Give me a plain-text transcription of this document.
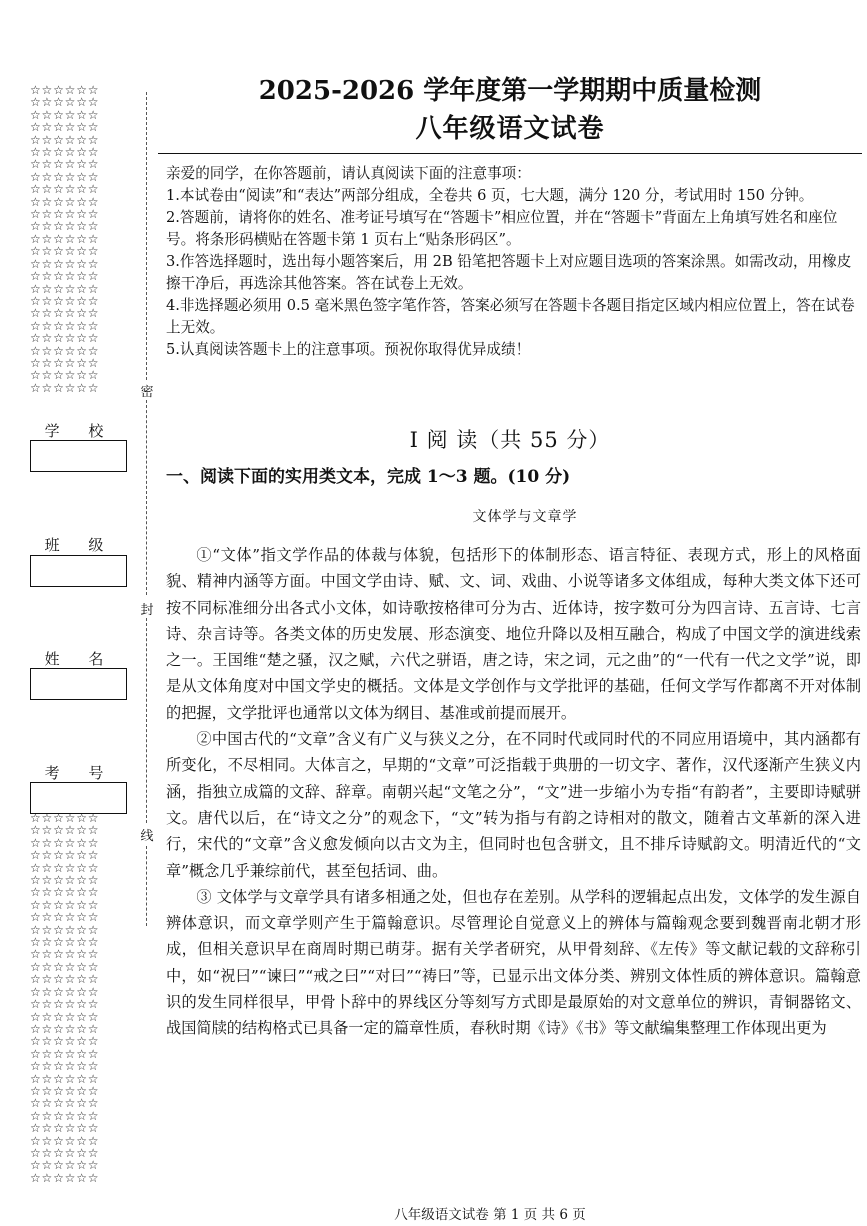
☆☆☆☆☆☆
☆☆☆☆☆☆
☆☆☆☆☆☆
☆☆☆☆☆☆
☆☆☆☆☆☆
☆☆☆☆☆☆
☆☆☆☆☆☆
☆☆☆☆☆☆
☆☆☆☆☆☆
☆☆☆☆☆☆
☆☆☆☆☆☆
☆☆☆☆☆☆
☆☆☆☆☆☆
☆☆☆☆☆☆
☆☆☆☆☆☆
☆☆☆☆☆☆
☆☆☆☆☆☆
☆☆☆☆☆☆
☆☆☆☆☆☆
☆☆☆☆☆☆
☆☆☆☆☆☆
☆☆☆☆☆☆
☆☆☆☆☆☆
☆☆☆☆☆☆
☆☆☆☆☆☆
☆☆☆☆☆☆
☆☆☆☆☆☆
☆☆☆☆☆☆
☆☆☆☆☆☆
☆☆☆☆☆☆
☆☆☆☆☆☆
☆☆☆☆☆☆
☆☆☆☆☆☆
☆☆☆☆☆☆
☆☆☆☆☆☆
☆☆☆☆☆☆
☆☆☆☆☆☆
☆☆☆☆☆☆
☆☆☆☆☆☆
☆☆☆☆☆☆
☆☆☆☆☆☆
☆☆☆☆☆☆
☆☆☆☆☆☆
☆☆☆☆☆☆
☆☆☆☆☆☆
☆☆☆☆☆☆
☆☆☆☆☆☆
☆☆☆☆☆☆
☆☆☆☆☆☆
☆☆☆☆☆☆
☆☆☆☆☆☆
☆☆☆☆☆☆
☆☆☆☆☆☆
☆☆☆☆☆☆
☆☆☆☆☆☆
密
封
线
学 校
班 级
姓 名
考 号
2025-2026 学年度第一学期期中质量检测
八年级语文试卷
亲爱的同学，在你答题前，请认真阅读下面的注意事项：
1.本试卷由“阅读”和“表达”两部分组成，全卷共 6 页，七大题，满分 120 分，考试用时 150 分钟。
2.答题前，请将你的姓名、准考证号填写在“答题卡”相应位置，并在“答题卡”背面左上角填写姓名和座位号。将条形码横贴在答题卡第 1 页右上“贴条形码区”。
3.作答选择题时，选出每小题答案后，用 2B 铅笔把答题卡上对应题目选项的答案涂黑。如需改动，用橡皮擦干净后，再选涂其他答案。答在试卷上无效。
4.非选择题必须用 0.5 毫米黑色签字笔作答，答案必须写在答题卡各题目指定区域内相应位置上，答在试卷上无效。
5.认真阅读答题卡上的注意事项。预祝你取得优异成绩！
Ⅰ 阅 读（共 55 分）
一、阅读下面的实用类文本，完成 1～3 题。(10 分)
文体学与文章学

①“文体”指文学作品的体裁与体貌，包括形下的体制形态、语言特征、表现方式，形上的风格面貌、精神内涵等方面。中国文学由诗、赋、文、词、戏曲、小说等诸多文体组成，每种大类文体下还可按不同标准细分出各式小文体，如诗歌按格律可分为古、近体诗，按字数可分为四言诗、五言诗、七言诗、杂言诗等。各类文体的历史发展、形态演变、地位升降以及相互融合，构成了中国文学的演进线索之一。王国维“楚之骚，汉之赋，六代之骈语，唐之诗，宋之词，元之曲”的“一代有一代之文学”说，即是从文体角度对中国文学史的概括。文体是文学创作与文学批评的基础，任何文学写作都离不开对体制的把握，文学批评也通常以文体为纲目、基准或前提而展开。

②中国古代的“文章”含义有广义与狭义之分，在不同时代或同时代的不同应用语境中，其内涵都有所变化，不尽相同。大体言之，早期的“文章”可泛指载于典册的一切文字、著作，汉代逐渐产生狭义内涵，指独立成篇的文辞、辞章。南朝兴起“文笔之分”，“文”进一步缩小为专指“有韵者”，主要即诗赋骈文。唐代以后，在“诗文之分”的观念下，“文”转为指与有韵之诗相对的散文，随着古文革新的深入进行，宋代的“文章”含义愈发倾向以古文为主，但同时也包含骈文，且不排斥诗赋韵文。明清近代的“文章”概念几乎兼综前代，甚至包括词、曲。

③ 文体学与文章学具有诸多相通之处，但也存在差别。从学科的逻辑起点出发，文体学的发生源自辨体意识，而文章学则产生于篇翰意识。尽管理论自觉意义上的辨体与篇翰观念要到魏晋南北朝才形成，但相关意识早在商周时期已萌芽。据有关学者研究，从甲骨刻辞、《左传》等文献记载的文辞称引中，如“祝曰”“谏曰”“戒之曰”“对曰”“祷曰”等，已显示出文体分类、辨别文体性质的辨体意识。篇翰意识的发生同样很早，甲骨卜辞中的界线区分等刻写方式即是最原始的对文意单位的辨识，青铜器铭文、战国简牍的结构格式已具备一定的篇章性质，春秋时期《诗》《书》等文献编集整理工作体现出更为

八年级语文试卷 第 1 页 共 6 页
